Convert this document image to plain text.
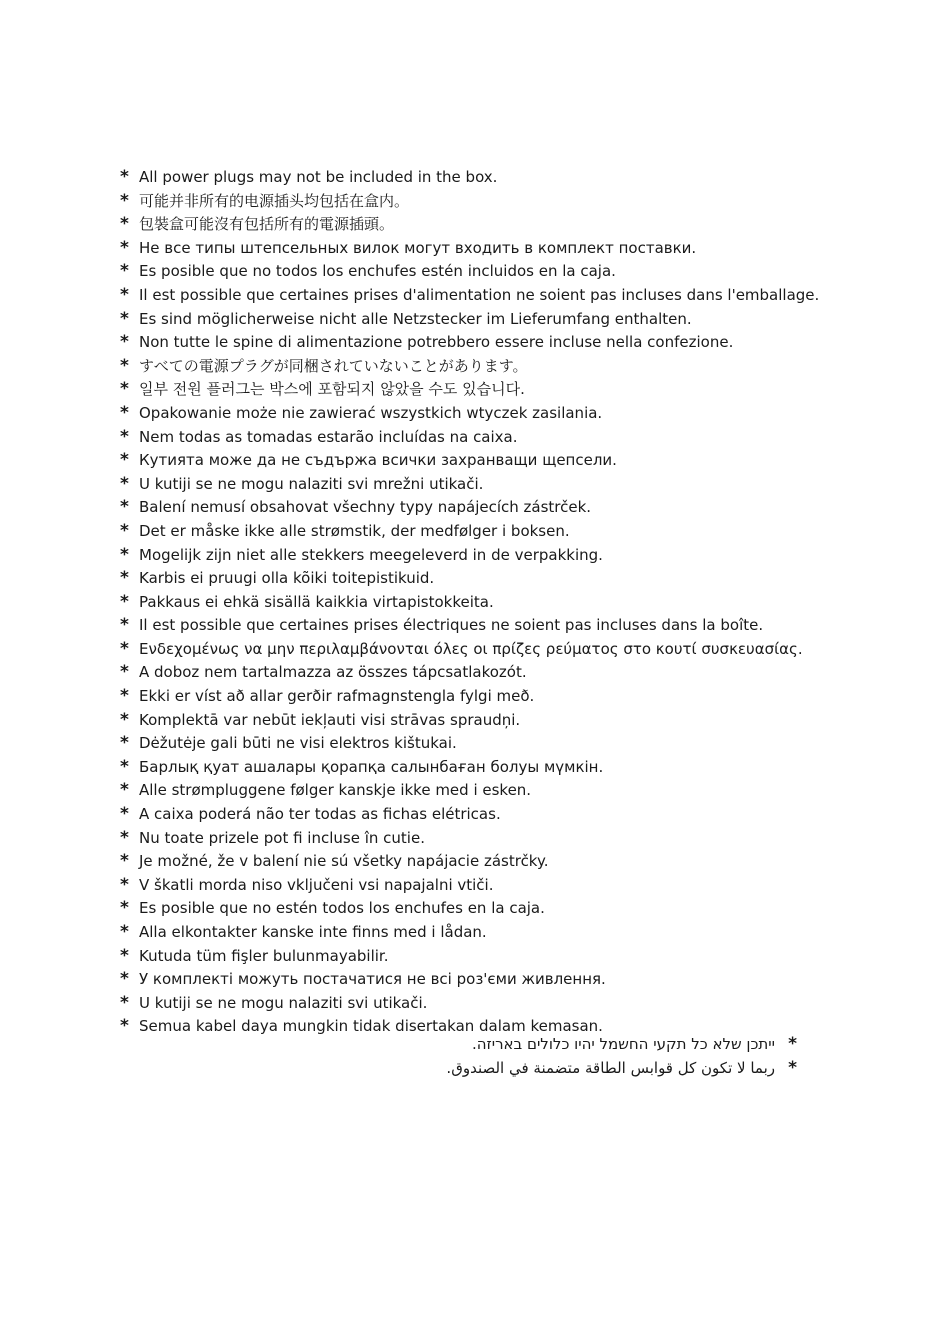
* All power plugs may not be included in the box.
* 可能并非所有的电源插头均包括在盒内。
* 包裝盒可能沒有包括所有的電源插頭。
* Не все типы штепсельных вилок могут входить в комплект поставки.
* Es posible que no todos los enchufes estén incluidos en la caja.
* Il est possible que certaines prises d'alimentation ne soient pas incluses dans l'emballage.
* Es sind möglicherweise nicht alle Netzstecker im Lieferumfang enthalten.
* Non tutte le spine di alimentazione potrebbero essere incluse nella confezione.
* すべての電源プラグが同梱されていないことがあります。
* 일부 전원 플러그는 박스에 포함되지 않았을 수도 있습니다.
* Opakowanie może nie zawierać wszystkich wtyczek zasilania.
* Nem todas as tomadas estarão incluídas na caixa.
* Кутията може да не съдържа всички захранващи щепсели.
* U kutiji se ne mogu nalaziti svi mrežni utikači.
* Balení nemusí obsahovat všechny typy napájecích zástrček.
* Det er måske ikke alle strømstik, der medfølger i boksen.
* Mogelijk zijn niet alle stekkers meegeleverd in de verpakking.
* Karbis ei pruugi olla kõiki toitepistikuid.
* Pakkaus ei ehkä sisällä kaikkia virtapistokkeita.
* Il est possible que certaines prises électriques ne soient pas incluses dans la boîte.
* Ενδεχομένως να μην περιλαμβάνονται όλες οι πρίζες ρεύματος στο κουτί συσκευασίας.
* A doboz nem tartalmazza az összes tápcsatlakozót.
* Ekki er víst að allar gerðir rafmagnstengla fylgi með.
* Komplektā var nebūt iekļauti visi strāvas spraudņi.
* Dėžutėje gali būti ne visi elektros kištukai.
* Барлық қуат ашалары қорапқа салынбаған болуы мүмкін.
* Alle strømpluggene følger kanskje ikke med i esken.
* A caixa poderá não ter todas as fichas elétricas.
* Nu toate prizele pot fi incluse în cutie.
* Je možné, že v balení nie sú všetky napájacie zástrčky.
* V škatli morda niso vključeni vsi napajalni vtiči.
* Es posible que no estén todos los enchufes en la caja.
* Alla elkontakter kanske inte finns med i lådan.
* Kutuda tüm fişler bulunmayabilir.
* У комплекті можуть постачатися не всі роз'єми живлення.
* U kutiji se ne mogu nalaziti svi utikači.
* Semua kabel daya mungkin tidak disertakan dalam kemasan.
ייתכן שלא כל תקעי החשמל יהיו כלולים באריזה. *
ربما لا تكون كل قوابس الطاقة متضمنة في الصندوق. *
